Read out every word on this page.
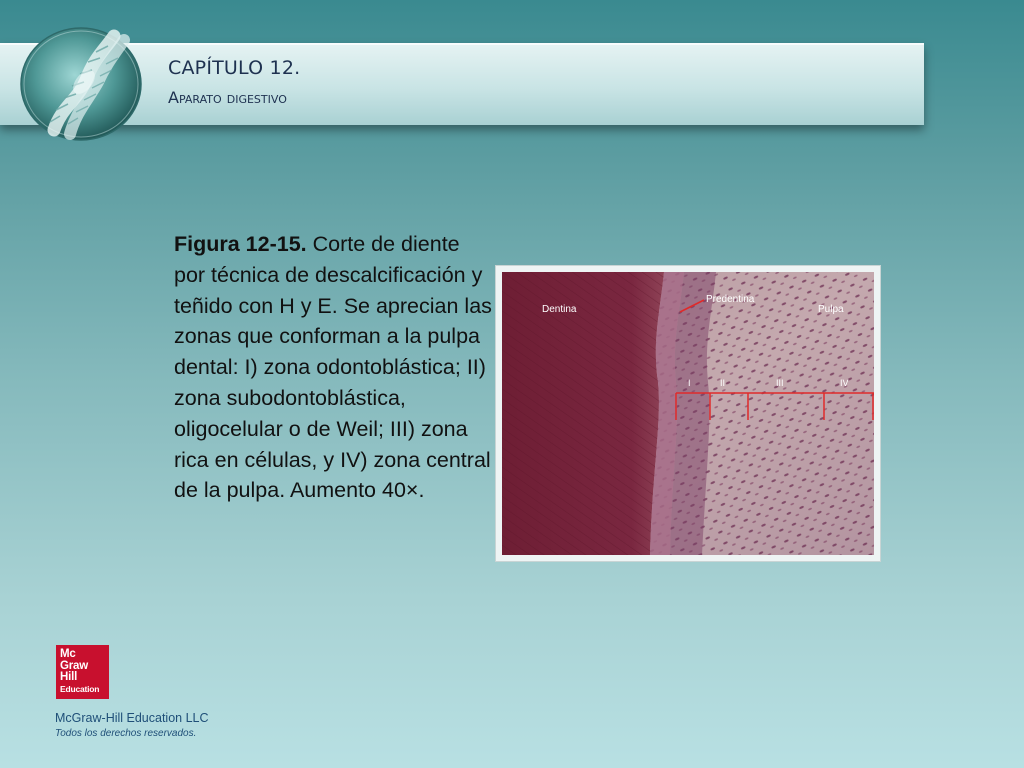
CAPÍTULO 12.
Aparato digestivo
Figura 12-15. Corte de diente por técnica de descalcificación y teñido con H y E. Se aprecian las zonas que conforman a la pulpa dental: I) zona odontoblástica; II) zona subodontoblástica, oligocelular o de Weil; III) zona rica en células, y IV) zona central de la pulpa. Aumento 40×.
Dentina
Predentina
Pulpa
I	II	III	IV
Mc
Graw
Hill
Education
McGraw-Hill Education LLC
Todos los derechos reservados.
